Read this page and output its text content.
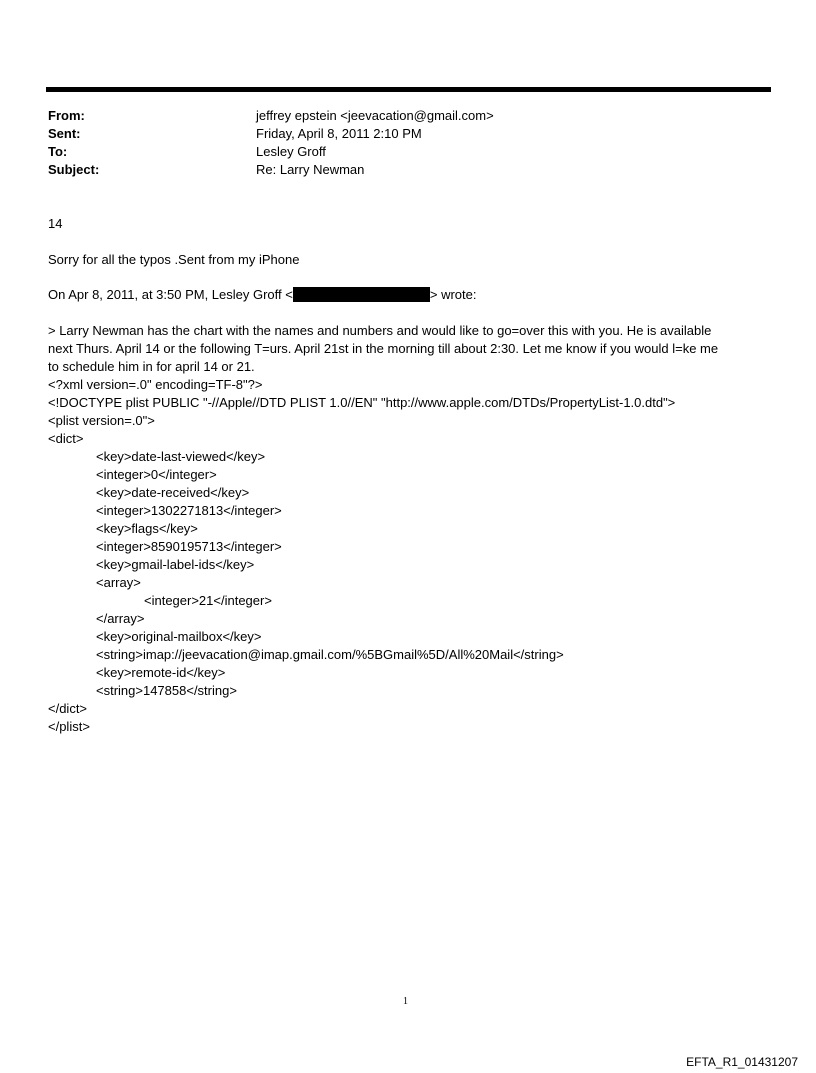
From:	jeffrey epstein <jeevacation@gmail.com>
Sent:	Friday, April 8, 2011 2:10 PM
To:	Lesley Groff
Subject:	Re: Larry Newman
14
Sorry for all the typos .Sent from my iPhone
On Apr 8, 2011, at 3:50 PM, Lesley Groff <	> wrote:
> Larry Newman has the chart with the names and numbers and would like to go=over this with you. He is available
next Thurs. April 14 or the following T=urs. April 21st in the morning till about 2:30. Let me know if you would l=ke me
to schedule him in for april 14 or 21.
<?xml version=.0" encoding=TF-8"?>
<!DOCTYPE plist PUBLIC "-//Apple//DTD PLIST 1.0//EN" "http://www.apple.com/DTDs/PropertyList-1.0.dtd">
<plist version=.0">
<dict>
<key>date-last-viewed</key>
<integer>0</integer>
<key>date-received</key>
<integer>1302271813</integer>
<key>flags</key>
<integer>8590195713</integer>
<key>gmail-label-ids</key>
<array>
<integer>21</integer>
</array>
<key>original-mailbox</key>
<string>imap://jeevacation@imap.gmail.com/%5BGmail%5D/All%20Mail</string>
<key>remote-id</key>
<string>147858</string>
</dict>
</plist>
1
EFTA_R1_01431207
